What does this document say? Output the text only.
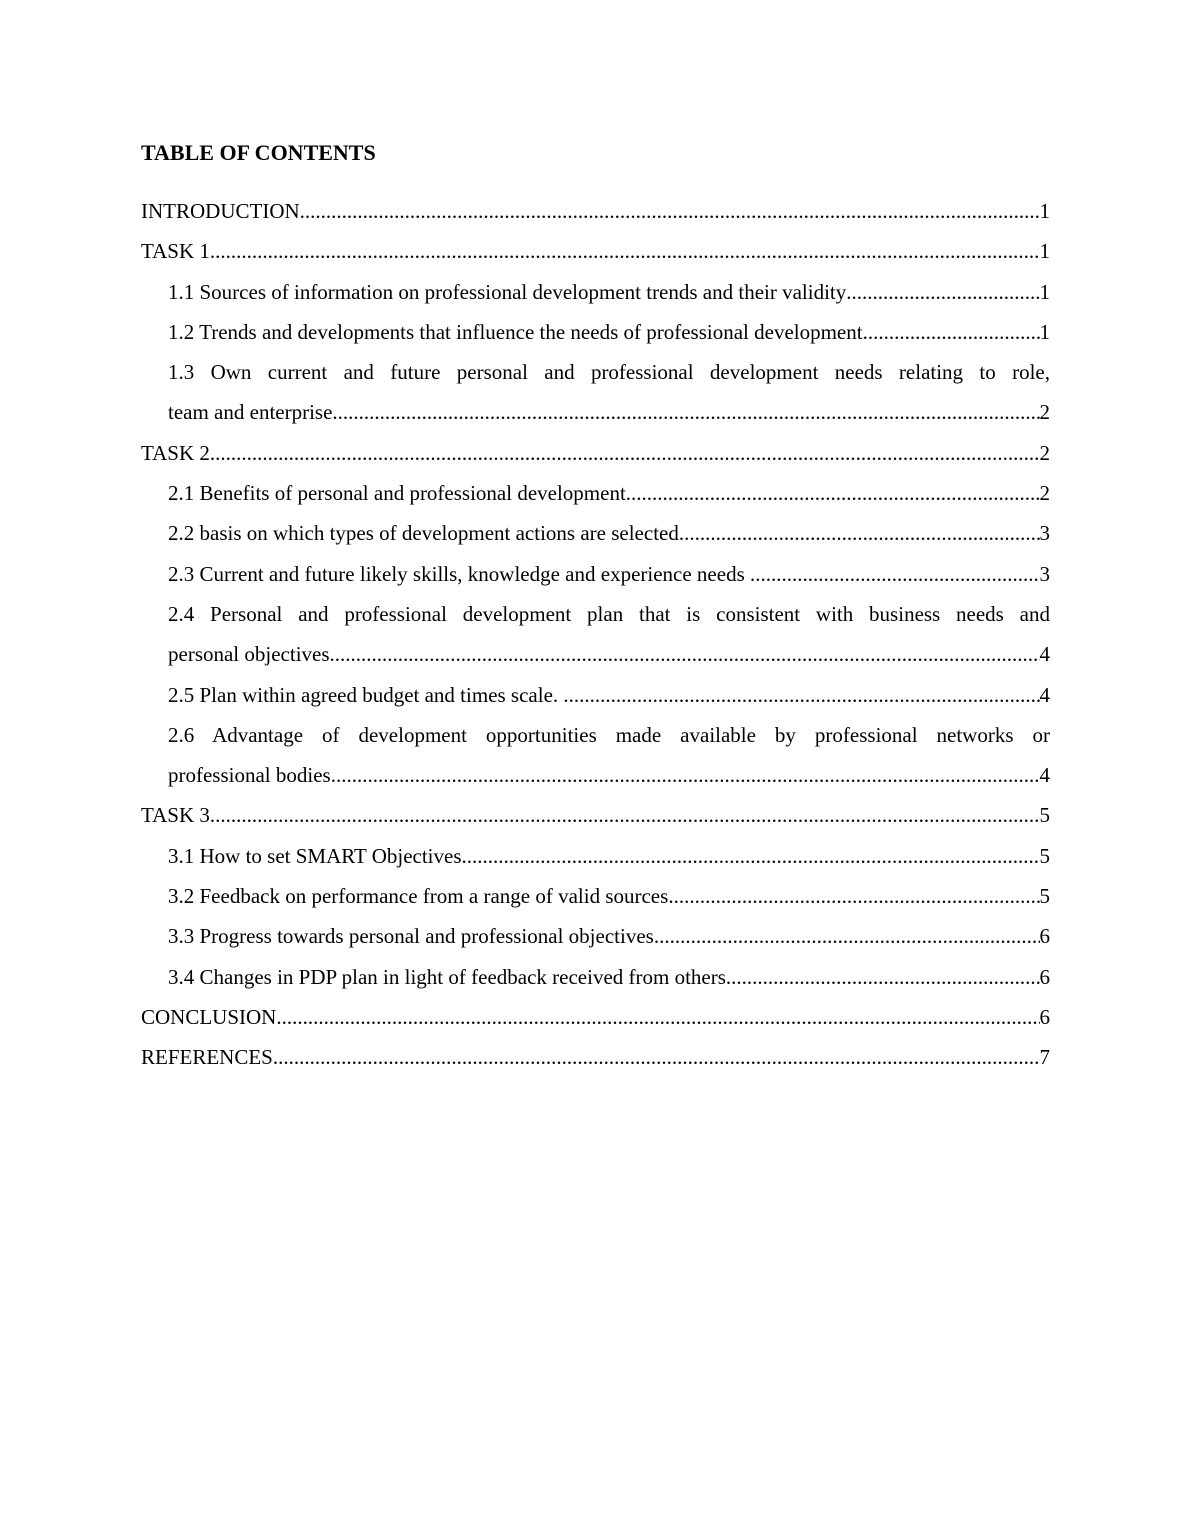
TABLE OF CONTENTS
INTRODUCTION .....	1
TASK 1 .....	1
1.1 Sources of information on professional development trends and their validity .....	1
1.2 Trends and developments that influence the needs of professional development .....	1
1.3 Own current and future personal and professional development needs relating to role,
team and enterprise .....	2
TASK 2 .....	2
2.1 Benefits of personal and professional development .....	2
2.2 basis on which types of development actions are selected .....	3
2.3 Current and future likely skills, knowledge and experience needs .....	3
2.4 Personal and professional development plan that is consistent with business needs and
personal objectives .....	4
2.5 Plan within agreed budget and times scale. .....	4
2.6 Advantage of development opportunities made available by professional networks or
professional bodies .....	4
TASK 3 .....	5
3.1 How to set SMART Objectives .....	5
3.2 Feedback on performance from a range of valid sources .....	5
3.3 Progress towards personal and professional objectives .....	6
3.4 Changes in PDP plan in light of feedback received from others .....	6
CONCLUSION .....	6
REFERENCES .....	7
